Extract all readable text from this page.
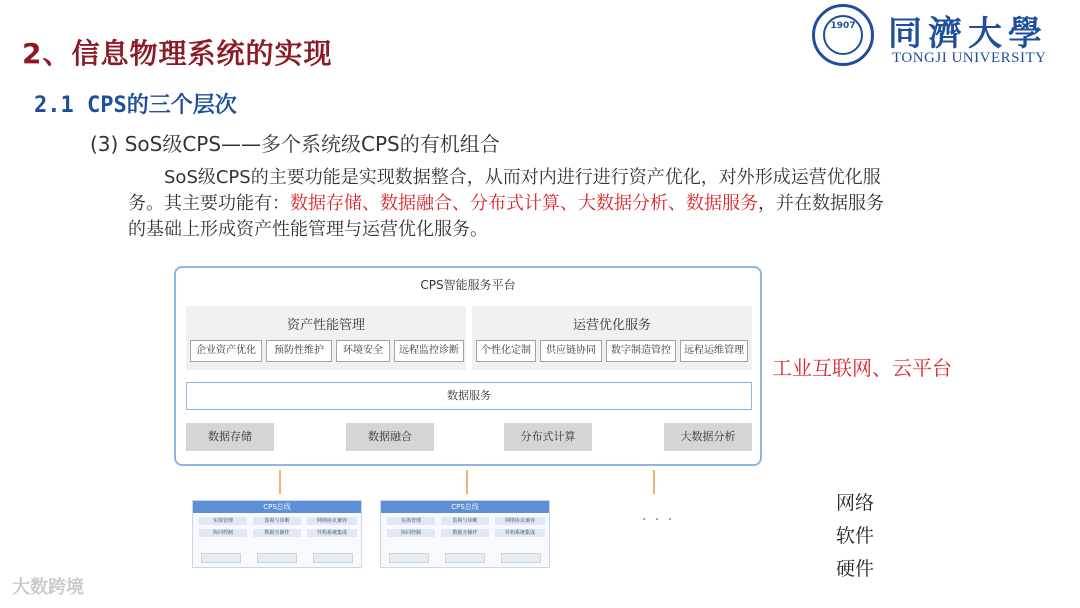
2、信息物理系统的实现
2.1 CPS的三个层次
(3) SoS级CPS——多个系统级CPS的有机组合
1907 同濟大學
TONGJI UNIVERSITY

SoS级CPS的主要功能是实现数据整合，从而对内进行进行资产优化，对外形成运营优化服务。其主要功能有：数据存储、数据融合、分布式计算、大数据分析、数据服务，并在数据服务的基础上形成资产性能管理与运营优化服务。

CPS智能服务平台
资产性能管理
企业资产优化	预防性维护	环境安全	远程监控诊断
运营优化服务
个性化定制	供应链协同	数字制造管控	远程运维管理
数据服务
数据存储	数据融合	分布式计算	大数据分析
CPS总线
实体管理	监视与诊断	网络协议兼容
协同控制	数据互操作	异构系统集成
CPS总线
实体管理	监视与诊断	网络协议兼容
协同控制	数据互操作	异构系统集成
· · ·
工业互联网、云平台
网络
软件
硬件
大数跨境
